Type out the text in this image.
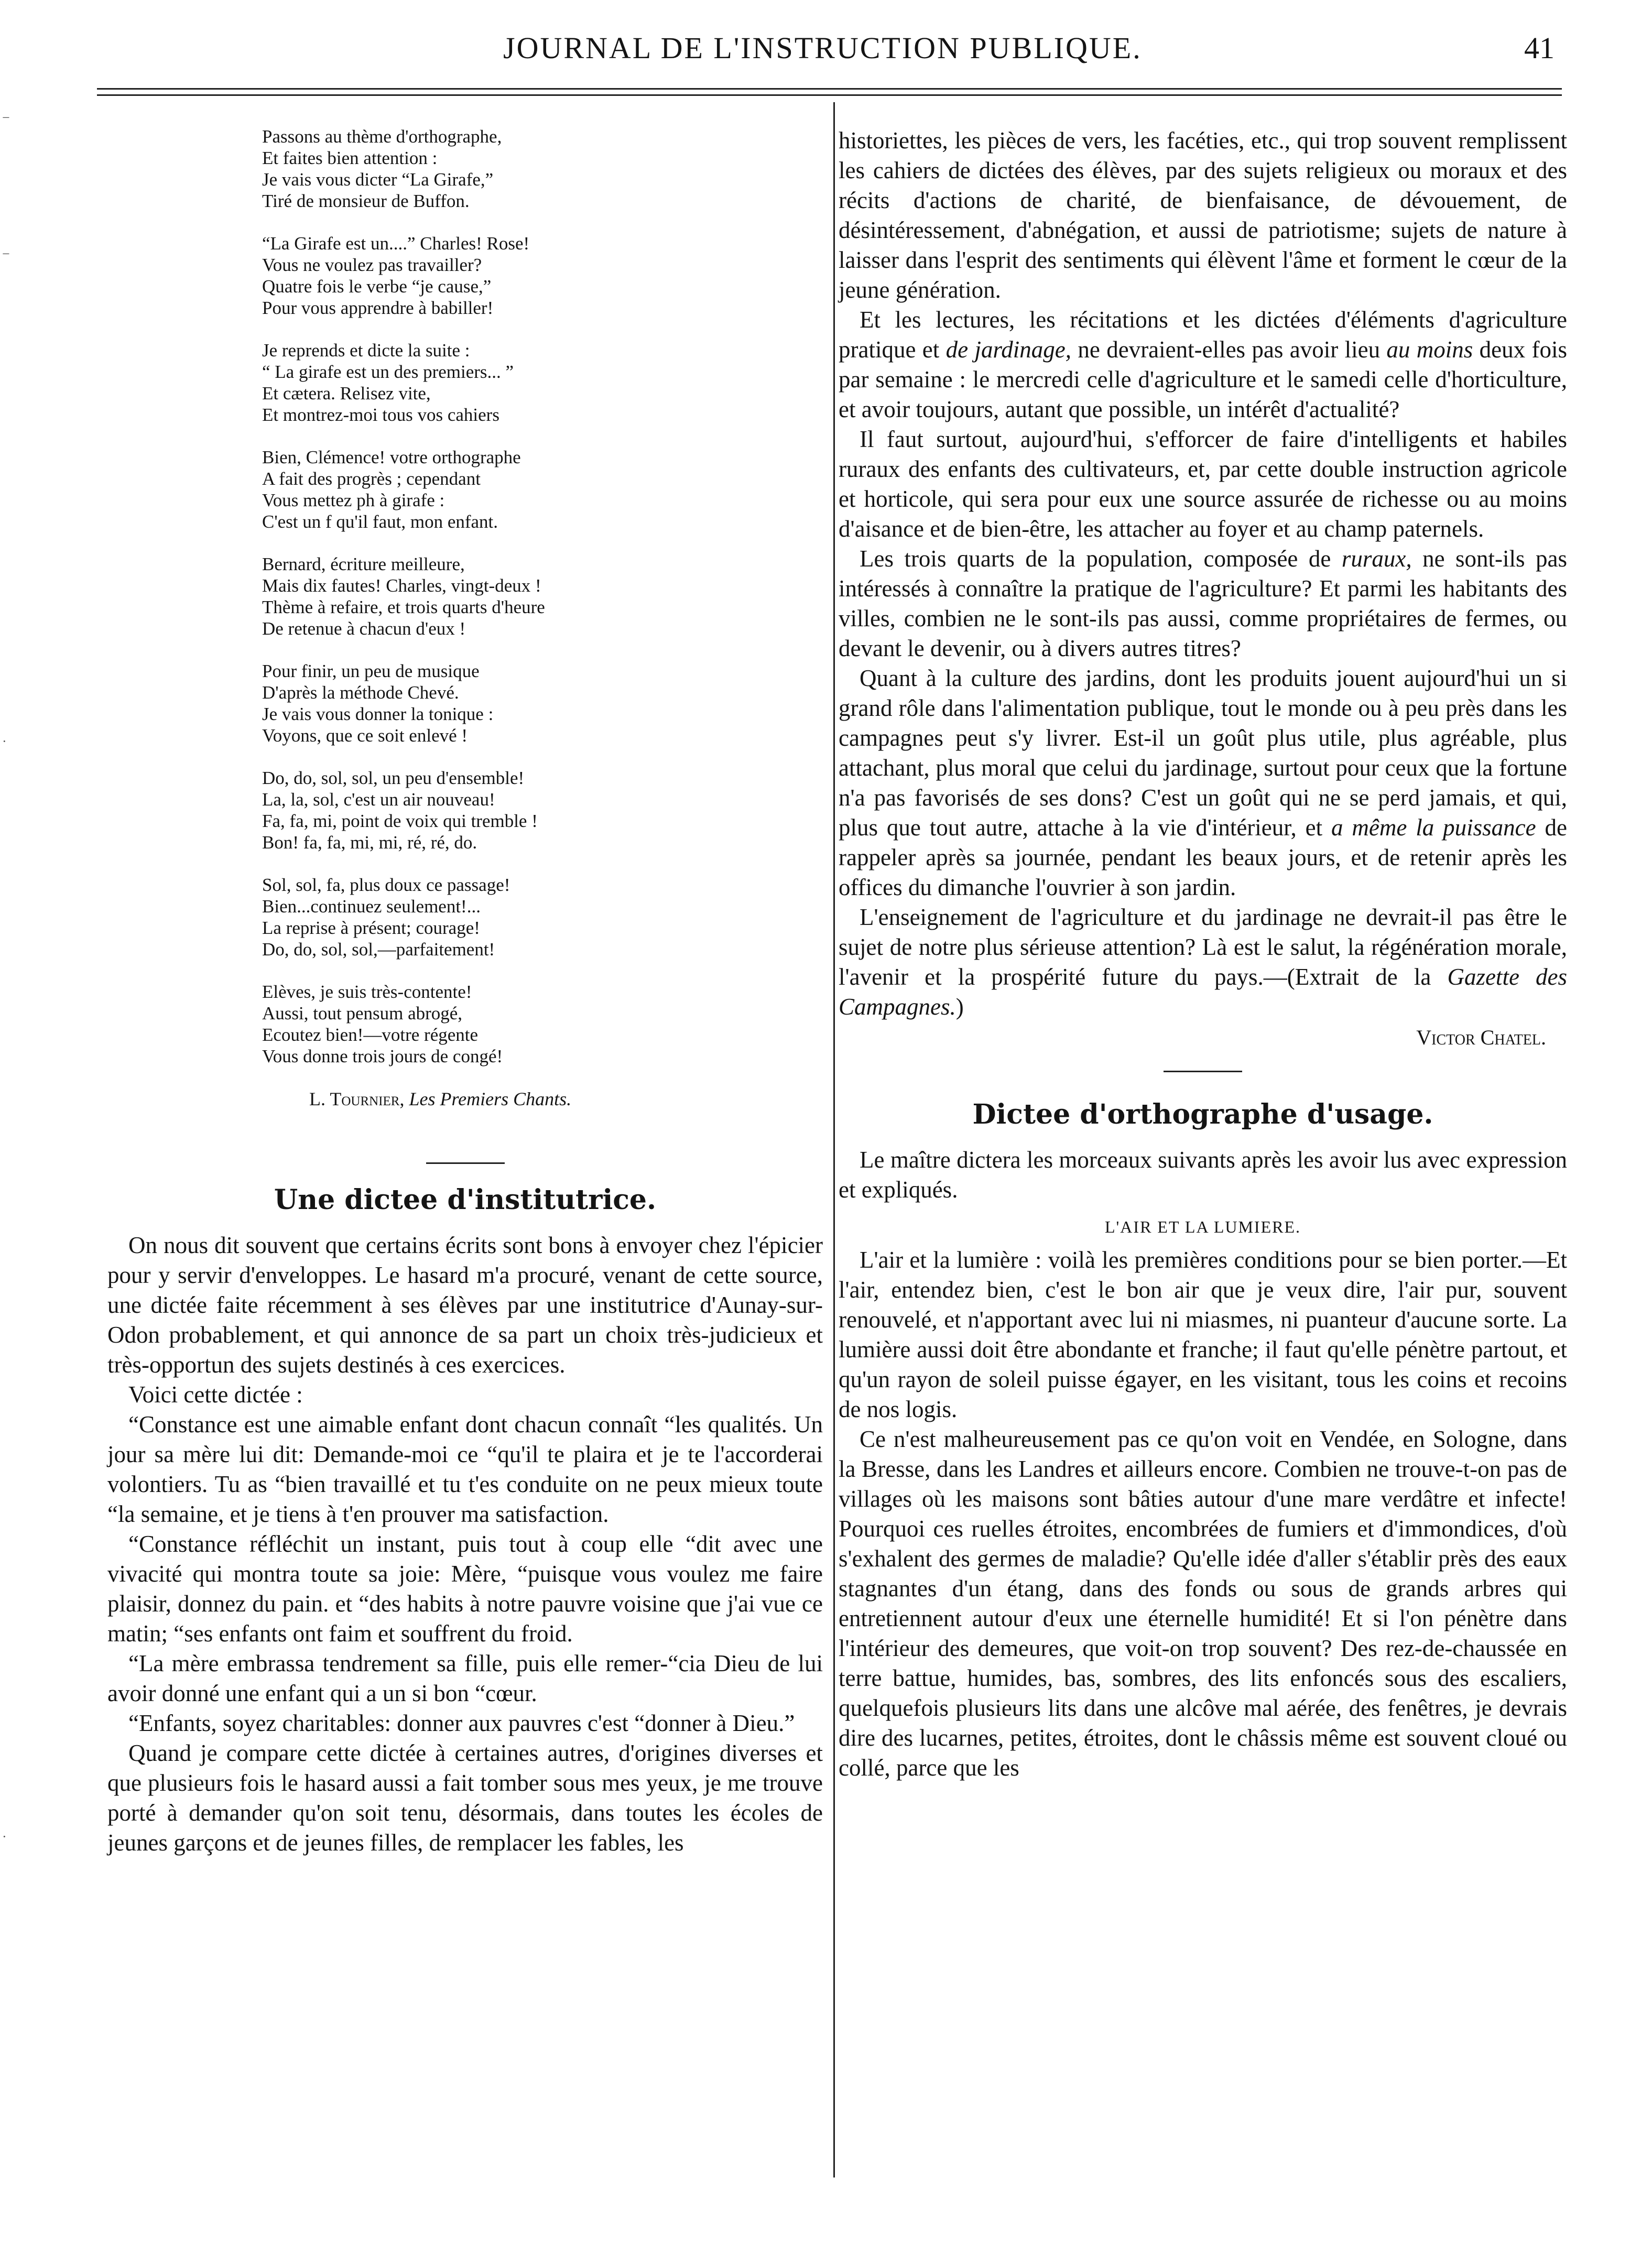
JOURNAL DE L'INSTRUCTION PUBLIQUE.	41
Passons au thème d'orthographe,
Et faites bien attention :
Je vais vous dicter “La Girafe,”
Tiré de monsieur de Buffon.
“La Girafe est un....” Charles! Rose!
Vous ne voulez pas travailler?
Quatre fois le verbe “je cause,”
Pour vous apprendre à babiller!
Je reprends et dicte la suite :
“ La girafe est un des premiers... ”
Et cætera. Relisez vite,
Et montrez-moi tous vos cahiers
Bien, Clémence! votre orthographe
A fait des progrès ; cependant
Vous mettez ph à girafe :
C'est un f qu'il faut, mon enfant.
Bernard, écriture meilleure,
Mais dix fautes! Charles, vingt-deux !
Thème à refaire, et trois quarts d'heure
De retenue à chacun d'eux !
Pour finir, un peu de musique
D'après la méthode Chevé.
Je vais vous donner la tonique :
Voyons, que ce soit enlevé !
Do, do, sol, sol, un peu d'ensemble!
La, la, sol, c'est un air nouveau!
Fa, fa, mi, point de voix qui tremble !
Bon! fa, fa, mi, mi, ré, ré, do.
Sol, sol, fa, plus doux ce passage!
Bien...continuez seulement!...
La reprise à présent; courage!
Do, do, sol, sol,—parfaitement!
Elèves, je suis très-contente!
Aussi, tout pensum abrogé,
Ecoutez bien!—votre régente
Vous donne trois jours de congé!
L. Tournier, Les Premiers Chants.
Une dictee d'institutrice.

On nous dit souvent que certains écrits sont bons à envoyer chez l'épicier pour y servir d'enveloppes. Le hasard m'a procuré, venant de cette source, une dictée faite récemment à ses élèves par une institutrice d'Aunay-sur-Odon probablement, et qui annonce de sa part un choix très-judicieux et très-opportun des sujets destinés à ces exercices.

Voici cette dictée :

“Constance est une aimable enfant dont chacun connaît “les qualités. Un jour sa mère lui dit: Demande-moi ce “qu'il te plaira et je te l'accorderai volontiers. Tu as “bien travaillé et tu t'es conduite on ne peux mieux toute “la semaine, et je tiens à t'en prouver ma satisfaction.

“Constance réfléchit un instant, puis tout à coup elle “dit avec une vivacité qui montra toute sa joie: Mère, “puisque vous voulez me faire plaisir, donnez du pain. et “des habits à notre pauvre voisine que j'ai vue ce matin; “ses enfants ont faim et souffrent du froid.

“La mère embrassa tendrement sa fille, puis elle remer-“cia Dieu de lui avoir donné une enfant qui a un si bon “cœur.

“Enfants, soyez charitables: donner aux pauvres c'est “donner à Dieu.”

Quand je compare cette dictée à certaines autres, d'origines diverses et que plusieurs fois le hasard aussi a fait tomber sous mes yeux, je me trouve porté à demander qu'on soit tenu, désormais, dans toutes les écoles de jeunes garçons et de jeunes filles, de remplacer les fables, les

historiettes, les pièces de vers, les facéties, etc., qui trop souvent remplissent les cahiers de dictées des élèves, par des sujets religieux ou moraux et des récits d'actions de charité, de bienfaisance, de dévouement, de désintéressement, d'abnégation, et aussi de patriotisme; sujets de nature à laisser dans l'esprit des sentiments qui élèvent l'âme et forment le cœur de la jeune génération.

Et les lectures, les récitations et les dictées d'éléments d'agriculture pratique et de jardinage, ne devraient-elles pas avoir lieu au moins deux fois par semaine : le mercredi celle d'agriculture et le samedi celle d'horticulture, et avoir toujours, autant que possible, un intérêt d'actualité?

Il faut surtout, aujourd'hui, s'efforcer de faire d'intelligents et habiles ruraux des enfants des cultivateurs, et, par cette double instruction agricole et horticole, qui sera pour eux une source assurée de richesse ou au moins d'aisance et de bien-être, les attacher au foyer et au champ paternels.

Les trois quarts de la population, composée de ruraux, ne sont-ils pas intéressés à connaître la pratique de l'agriculture? Et parmi les habitants des villes, combien ne le sont-ils pas aussi, comme propriétaires de fermes, ou devant le devenir, ou à divers autres titres?

Quant à la culture des jardins, dont les produits jouent aujourd'hui un si grand rôle dans l'alimentation publique, tout le monde ou à peu près dans les campagnes peut s'y livrer. Est-il un goût plus utile, plus agréable, plus attachant, plus moral que celui du jardinage, surtout pour ceux que la fortune n'a pas favorisés de ses dons? C'est un goût qui ne se perd jamais, et qui, plus que tout autre, attache à la vie d'intérieur, et a même la puissance de rappeler après sa journée, pendant les beaux jours, et de retenir après les offices du dimanche l'ouvrier à son jardin.

L'enseignement de l'agriculture et du jardinage ne devrait-il pas être le sujet de notre plus sérieuse attention? Là est le salut, la régénération morale, l'avenir et la prospérité future du pays.—(Extrait de la Gazette des Campagnes.)

Victor Chatel.
Dictee d'orthographe d'usage.

Le maître dictera les morceaux suivants après les avoir lus avec expression et expliqués.

L'AIR ET LA LUMIERE.

L'air et la lumière : voilà les premières conditions pour se bien porter.—Et l'air, entendez bien, c'est le bon air que je veux dire, l'air pur, souvent renouvelé, et n'apportant avec lui ni miasmes, ni puanteur d'aucune sorte. La lumière aussi doit être abondante et franche; il faut qu'elle pénètre partout, et qu'un rayon de soleil puisse égayer, en les visitant, tous les coins et recoins de nos logis.

Ce n'est malheureusement pas ce qu'on voit en Vendée, en Sologne, dans la Bresse, dans les Landres et ailleurs encore. Combien ne trouve-t-on pas de villages où les maisons sont bâties autour d'une mare verdâtre et infecte! Pourquoi ces ruelles étroites, encombrées de fumiers et d'immondices, d'où s'exhalent des germes de maladie? Qu'elle idée d'aller s'établir près des eaux stagnantes d'un étang, dans des fonds ou sous de grands arbres qui entretiennent autour d'eux une éternelle humidité! Et si l'on pénètre dans l'intérieur des demeures, que voit-on trop souvent? Des rez-de-chaussée en terre battue, humides, bas, sombres, des lits enfoncés sous des escaliers, quelquefois plusieurs lits dans une alcôve mal aérée, des fenêtres, je devrais dire des lucarnes, petites, étroites, dont le châssis même est souvent cloué ou collé, parce que les

−
−
·
·
